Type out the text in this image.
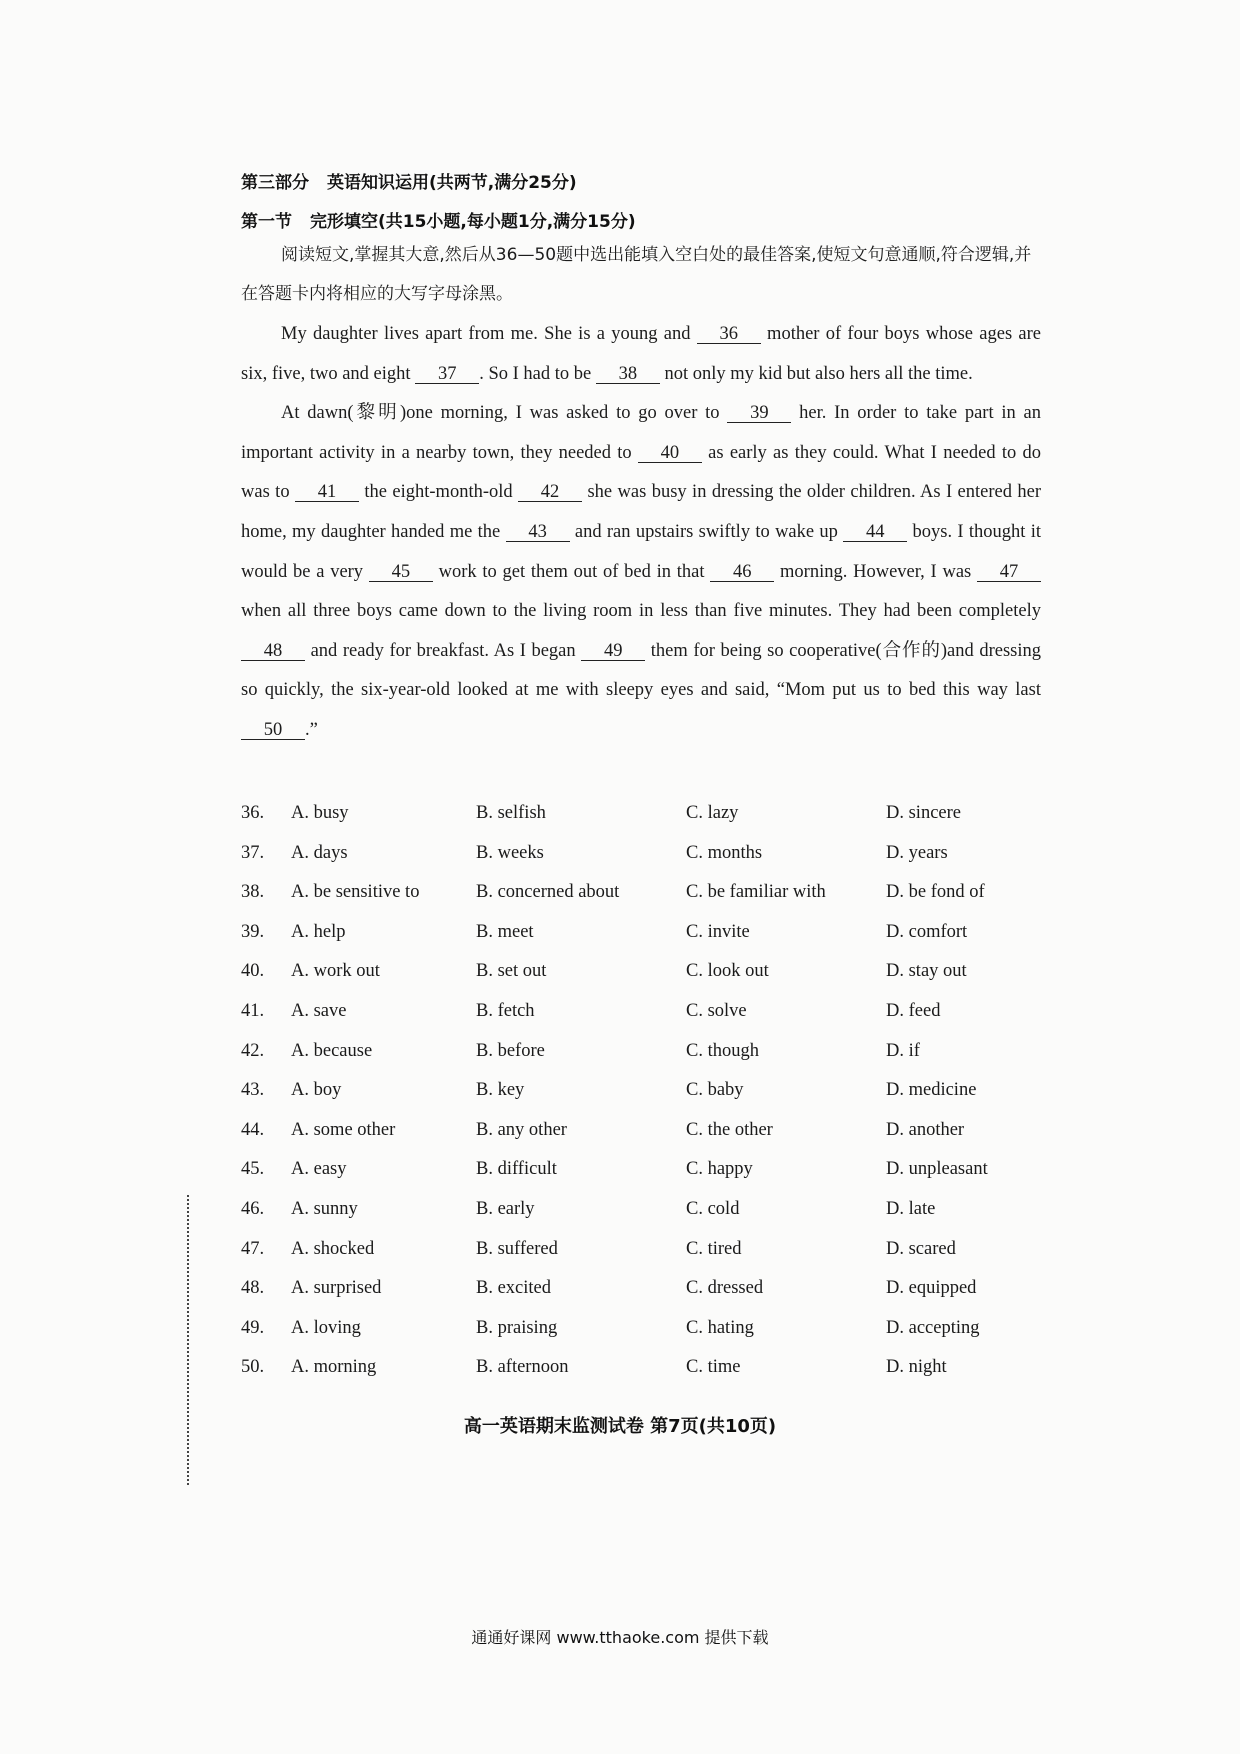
第三部分 英语知识运用(共两节,满分25分)
第一节 完形填空(共15小题,每小题1分,满分15分)
阅读短文,掌握其大意,然后从36—50题中选出能填入空白处的最佳答案,使短文句意通顺,符合逻辑,并在答题卡内将相应的大写字母涂黑。

My daughter lives apart from me. She is a young and 36 mother of four boys whose ages are six, five, two and eight 37 . So I had to be 38 not only my kid but also hers all the time.

At dawn(黎明)one morning, I was asked to go over to 39 her. In order to take part in an important activity in a nearby town, they needed to 40 as early as they could. What I needed to do was to 41 the eight-month-old 42 she was busy in dressing the older children. As I entered her home, my daughter handed me the 43 and ran upstairs swiftly to wake up 44 boys. I thought it would be a very 45 work to get them out of bed in that 46 morning. However, I was 47 when all three boys came down to the living room in less than five minutes. They had been completely 48 and ready for breakfast. As I began 49 them for being so cooperative(合作的)and dressing so quickly, the six-year-old looked at me with sleepy eyes and said, “Mom put us to bed this way last 50 .”

36. A. busy	B. selfish	C. lazy	D. sincere
37. A. days	B. weeks	C. months	D. years
38. A. be sensitive to	B. concerned about	C. be familiar with	D. be fond of
39. A. help	B. meet	C. invite	D. comfort
40. A. work out	B. set out	C. look out	D. stay out
41. A. save	B. fetch	C. solve	D. feed
42. A. because	B. before	C. though	D. if
43. A. boy	B. key	C. baby	D. medicine
44. A. some other	B. any other	C. the other	D. another
45. A. easy	B. difficult	C. happy	D. unpleasant
46. A. sunny	B. early	C. cold	D. late
47. A. shocked	B. suffered	C. tired	D. scared
48. A. surprised	B. excited	C. dressed	D. equipped
49. A. loving	B. praising	C. hating	D. accepting
50. A. morning	B. afternoon	C. time	D. night
高一英语期末监测试卷 第7页(共10页)
通通好课网 www.tthaoke.com 提供下载
